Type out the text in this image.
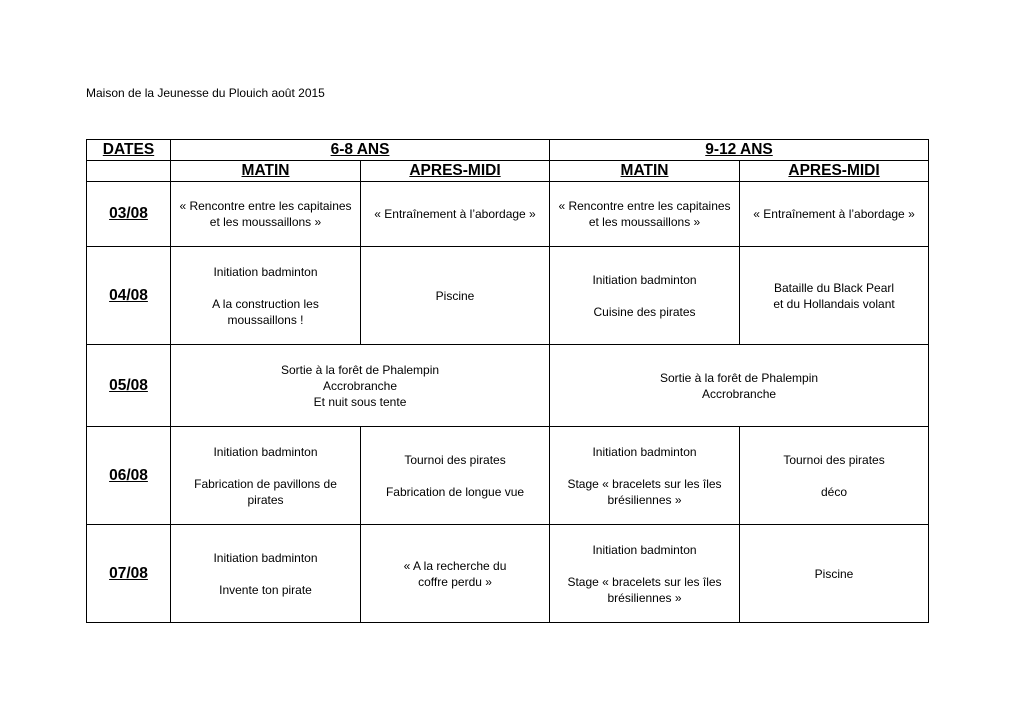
Maison de la Jeunesse du Plouich août 2015
DATES	6-8 ANS		9-12 ANS	
	MATIN	APRES-MIDI	MATIN	APRES-MIDI
03/08	« Rencontre entre les capitaines
et les moussaillons »	« Entraînement à l’abordage »	« Rencontre entre les capitaines
et les moussaillons »	« Entraînement à l’abordage »
04/08	Initiation badminton

A la construction les
moussaillons !	Piscine	Initiation badminton

Cuisine des pirates	Bataille du Black Pearl
et du Hollandais volant
05/08	Sortie à la forêt de Phalempin
Accrobranche
Et nuit sous tente		Sortie à la forêt de Phalempin
Accrobranche	
06/08	Initiation badminton

Fabrication de pavillons de
pirates	Tournoi des pirates

Fabrication de longue vue	Initiation badminton

Stage « bracelets sur les îles
brésiliennes »	Tournoi des pirates

déco
07/08	Initiation badminton

Invente ton pirate	« A la recherche du
coffre perdu »	Initiation badminton

Stage « bracelets sur les îles
brésiliennes »	Piscine
